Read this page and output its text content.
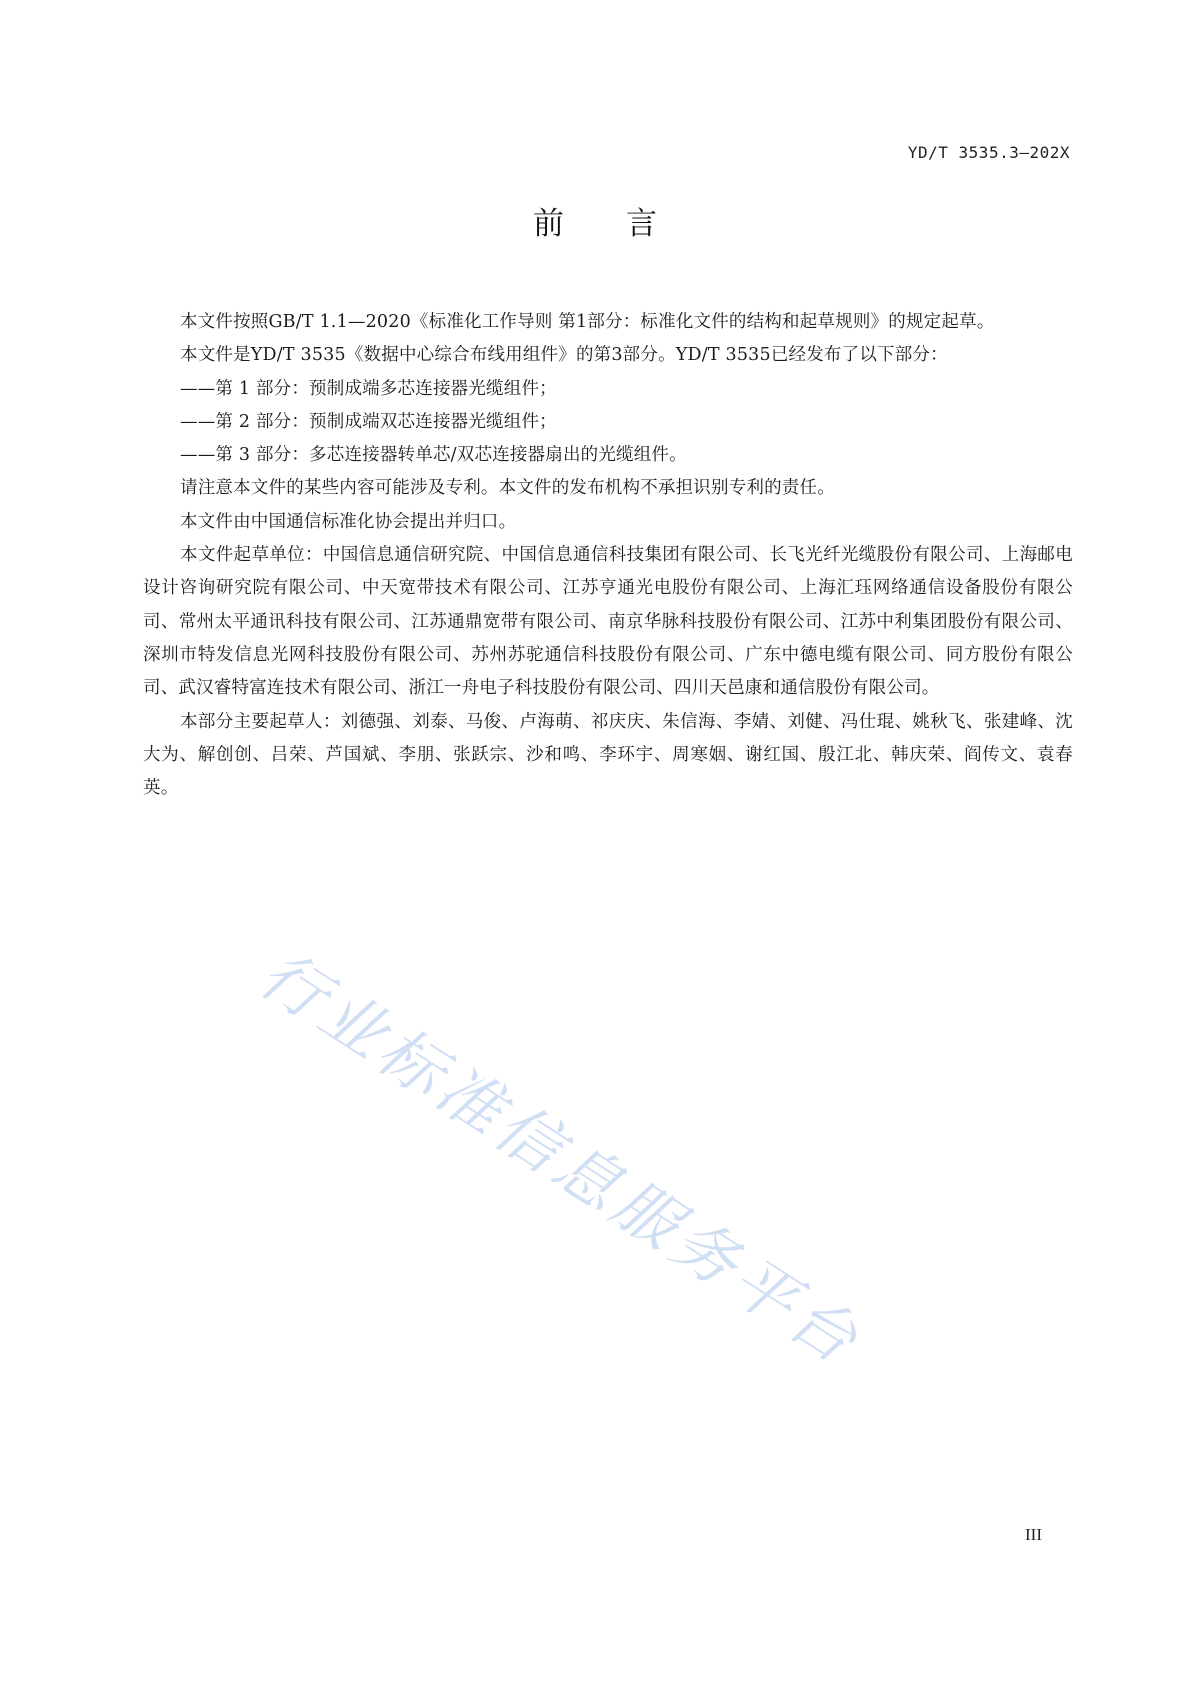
YD/T 3535.3—202X
前言

本文件按照GB/T 1.1—2020《标准化工作导则 第1部分：标准化文件的结构和起草规则》的规定起草。

本文件是YD/T 3535《数据中心综合布线用组件》的第3部分。YD/T 3535已经发布了以下部分：

——第 1 部分：预制成端多芯连接器光缆组件；

——第 2 部分：预制成端双芯连接器光缆组件；

——第 3 部分：多芯连接器转单芯/双芯连接器扇出的光缆组件。

请注意本文件的某些内容可能涉及专利。本文件的发布机构不承担识别专利的责任。

本文件由中国通信标准化协会提出并归口。

本文件起草单位：中国信息通信研究院、中国信息通信科技集团有限公司、长飞光纤光缆股份有限公司、上海邮电设计咨询研究院有限公司、中天宽带技术有限公司、江苏亨通光电股份有限公司、上海汇珏网络通信设备股份有限公司、常州太平通讯科技有限公司、江苏通鼎宽带有限公司、南京华脉科技股份有限公司、江苏中利集团股份有限公司、深圳市特发信息光网科技股份有限公司、苏州苏驼通信科技股份有限公司、广东中德电缆有限公司、同方股份有限公司、武汉睿特富连技术有限公司、浙江一舟电子科技股份有限公司、四川天邑康和通信股份有限公司。

本部分主要起草人：刘德强、刘泰、马俊、卢海萌、祁庆庆、朱信海、李婧、刘健、冯仕琨、姚秋飞、张建峰、沈大为、解创创、吕荣、芦国斌、李朋、张跃宗、沙和鸣、李环宇、周寒姻、谢红国、殷江北、韩庆荣、阎传文、袁春英。

行业标准信息服务平台
III
